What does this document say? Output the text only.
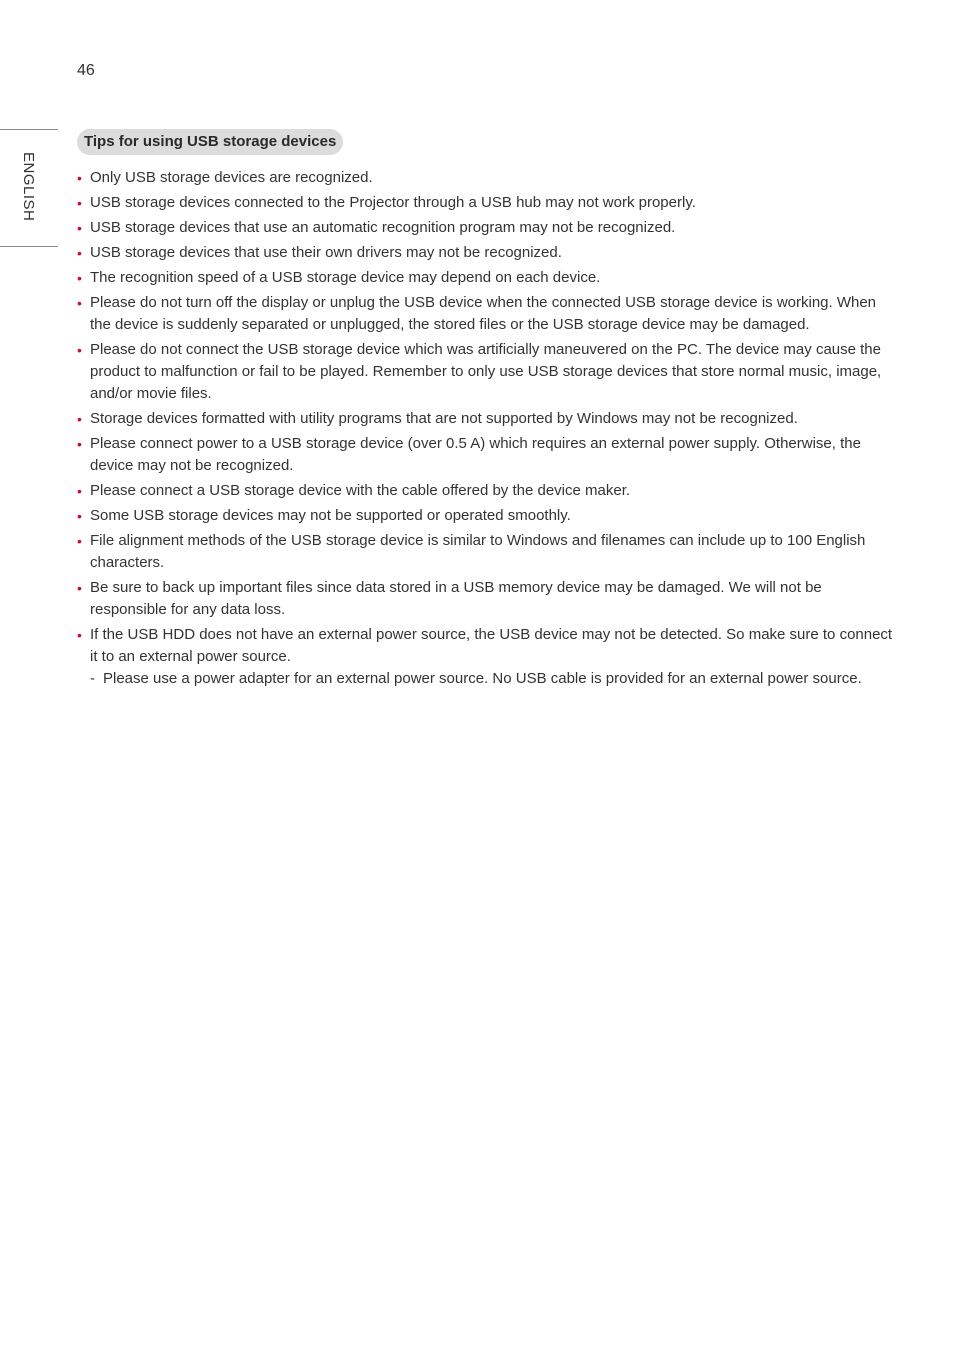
46
ENGLISH
Tips for using USB storage devices
• Only USB storage devices are recognized.
• USB storage devices connected to the Projector through a USB hub may not work properly.
• USB storage devices that use an automatic recognition program may not be recognized.
• USB storage devices that use their own drivers may not be recognized.
• The recognition speed of a USB storage device may depend on each device.
• Please do not turn off the display or unplug the USB device when the connected USB storage device is working. When the device is suddenly separated or unplugged, the stored files or the USB storage device may be damaged.
• Please do not connect the USB storage device which was artificially maneuvered on the PC. The device may cause the product to malfunction or fail to be played. Remember to only use USB storage devices that store normal music, image, and/or movie files.
• Storage devices formatted with utility programs that are not supported by Windows may not be recognized.
• Please connect power to a USB storage device (over 0.5 A) which requires an external power supply. Otherwise, the device may not be recognized.
• Please connect a USB storage device with the cable offered by the device maker.
• Some USB storage devices may not be supported or operated smoothly.
• File alignment methods of the USB storage device is similar to Windows and filenames can include up to 100 English characters.
• Be sure to back up important files since data stored in a USB memory device may be damaged. We will not be responsible for any data loss.
• If the USB HDD does not have an external power source, the USB device may not be detected. So make sure to connect it to an external power source.
- Please use a power adapter for an external power source. No USB cable is provided for an external power source.
